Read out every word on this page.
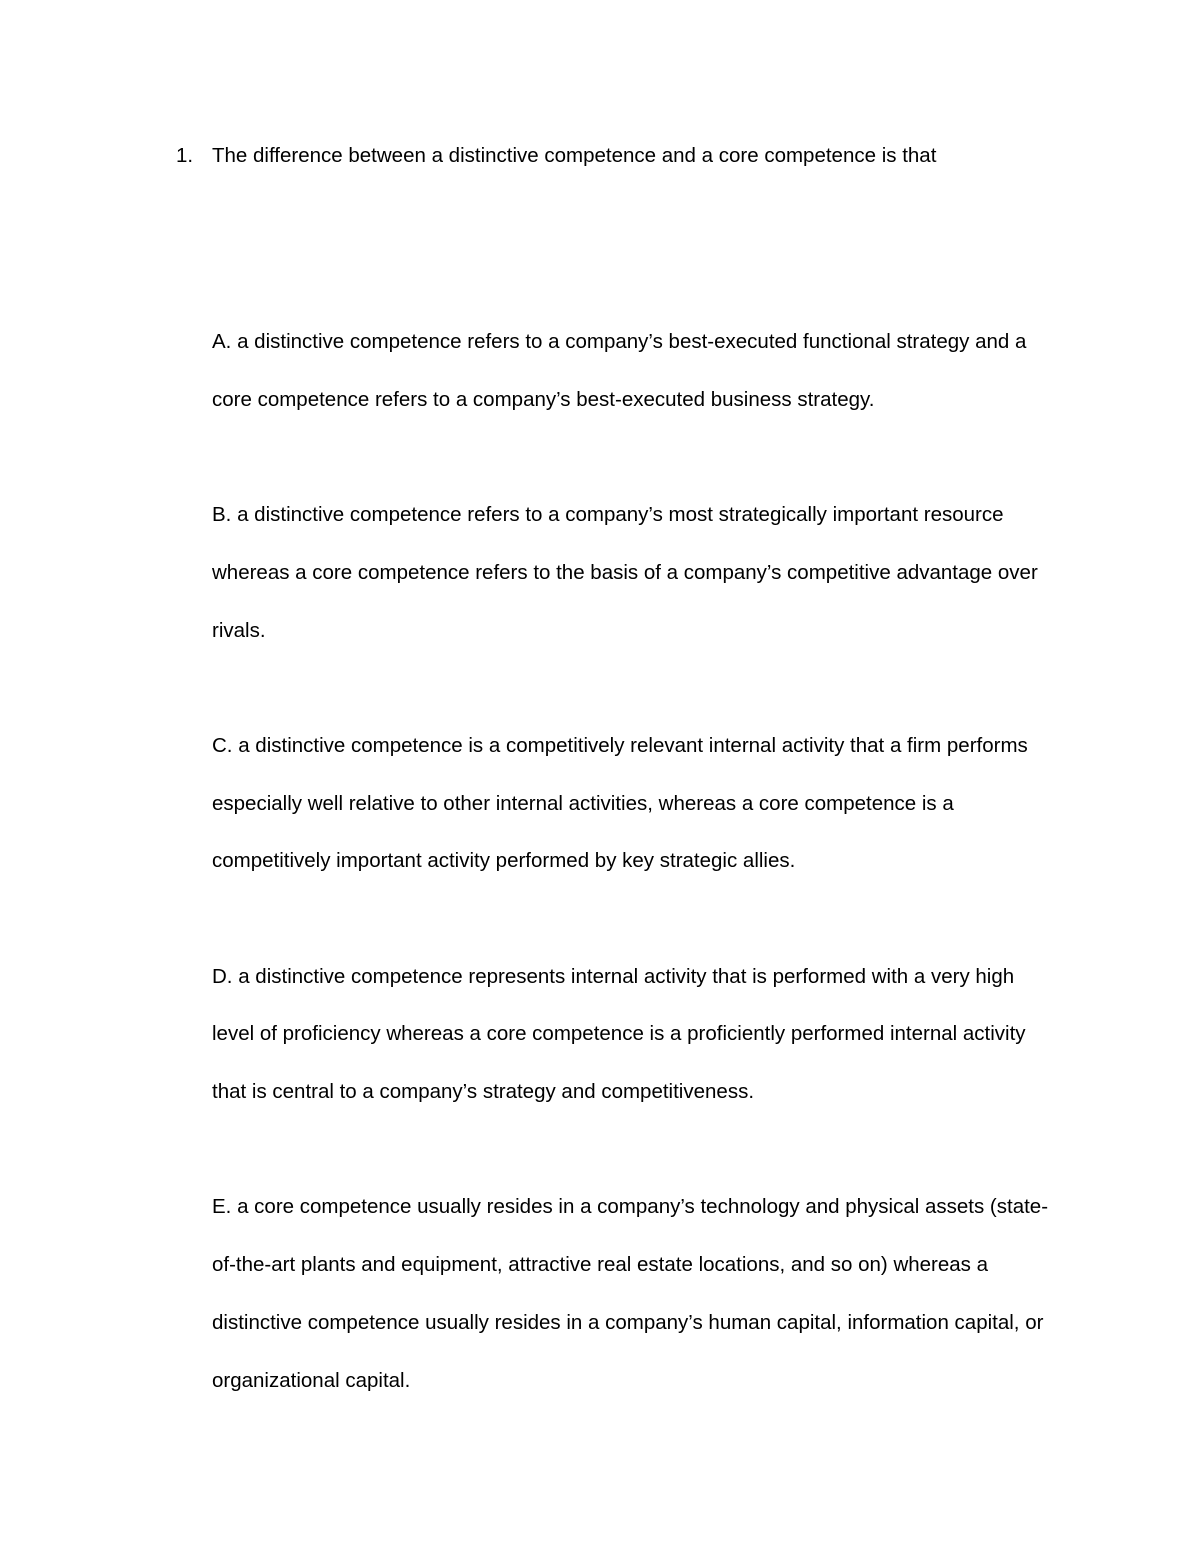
1. The difference between a distinctive competence and a core competence is that
A. a distinctive competence refers to a company’s best-executed functional strategy and a core competence refers to a company’s best-executed business strategy.
B. a distinctive competence refers to a company’s most strategically important resource whereas a core competence refers to the basis of a company’s competitive advantage over rivals.
C. a distinctive competence is a competitively relevant internal activity that a firm performs especially well relative to other internal activities, whereas a core competence is a competitively important activity performed by key strategic allies.
D. a distinctive competence represents internal activity that is performed with a very high level of proficiency whereas a core competence is a proficiently performed internal activity that is central to a company’s strategy and competitiveness.
E. a core competence usually resides in a company’s technology and physical assets (state-of-the-art plants and equipment, attractive real estate locations, and so on) whereas a distinctive competence usually resides in a company’s human capital, information capital, or organizational capital.
